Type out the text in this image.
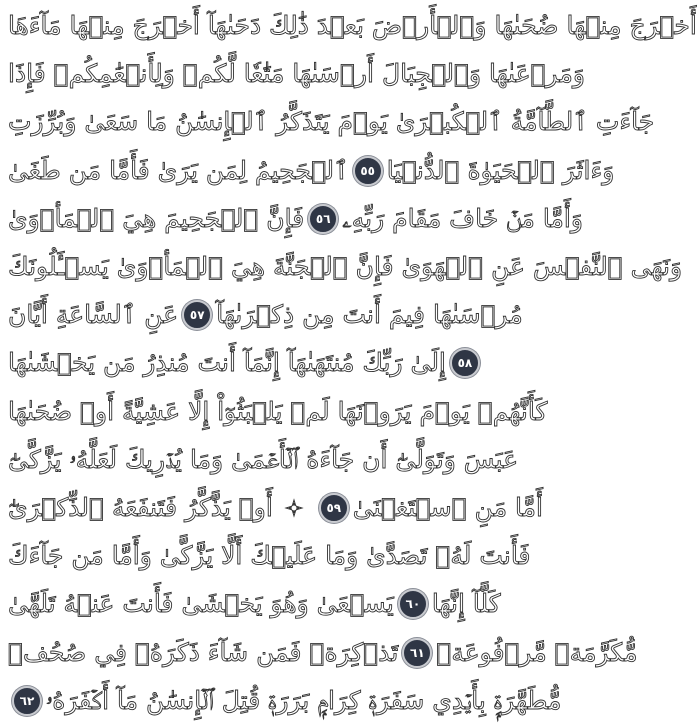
أَخۡرَجَ مِنۡهَا ضُحَىٰهَا وَٱلۡأَرۡضَ بَعۡدَ ذَٰلِكَ دَحَىٰهَآ أَخۡرَجَ مِنۡهَا مَآءَهَا
وَمَرۡعَىٰهَا وَٱلۡجِبَالَ أَرۡسَىٰهَا مَتَٰعٗا لَّكُمۡ وَلِأَنۡعَٰمِكُمۡ فَإِذَا
جَآءَتِ ٱلطَّآمَّةُ ٱلۡكُبۡرَىٰ يَوۡمَ يَتَذَكَّرُ ٱلۡإِنسَٰنُ مَا سَعَىٰ وَبُرِّزَتِ
ٱلۡجَحِيمُ لِمَن يَرَىٰ فَأَمَّا مَن طَغَىٰ ٥٥ وَءَاثَرَ ٱلۡحَيَوٰةَ ٱلدُّنۡيَا
فَإِنَّ ٱلۡجَحِيمَ هِيَ ٱلۡمَأۡوَىٰ ٥٦ وَأَمَّا مَنۡ خَافَ مَقَامَ رَبِّهِۦ
وَنَهَى ٱلنَّفۡسَ عَنِ ٱلۡهَوَىٰ فَإِنَّ ٱلۡجَنَّةَ هِيَ ٱلۡمَأۡوَىٰ يَسۡـَٔلُونَكَ
عَنِ ٱلسَّاعَةِ أَيَّانَ ٥٧ مُرۡسَىٰهَا فِيمَ أَنتَ مِن ذِكۡرَىٰهَآ
إِلَىٰ رَبِّكَ مُنتَهَىٰهَآ إِنَّمَآ أَنتَ مُنذِرُ مَن يَخۡشَىٰهَا ٥٨
كَأَنَّهُمۡ يَوۡمَ يَرَوۡنَهَا لَمۡ يَلۡبَثُوٓاْ إِلَّا عَشِيَّةً أَوۡ ضُحَىٰهَا
عَبَسَ وَتَوَلَّىٰٓ أَن جَآءَهُ ٱلۡأَعۡمَىٰ وَمَا يُدۡرِيكَ لَعَلَّهُۥ يَزَّكَّىٰٓ
أَوۡ يَذَّكَّرُ فَتَنفَعَهُ ٱلذِّكۡرَىٰٓ	٥٩ أَمَّا مَنِ ٱسۡتَغۡنَىٰ
فَأَنتَ لَهُۥ تَصَدَّىٰ وَمَا عَلَيۡكَ أَلَّا يَزَّكَّىٰ وَأَمَّا مَن جَآءَكَ
يَسۡعَىٰ وَهُوَ يَخۡشَىٰ فَأَنتَ عَنۡهُ تَلَهَّىٰ ٦٠ كَلَّآ إِنَّهَا
تَذۡكِرَةٞ فَمَن شَآءَ ذَكَرَهُۥ فِي صُحُفٖ ٦١ مُّكَرَّمَةٖ مَّرۡفُوعَةٖ
٦٢ مُّطَهَّرَةِۭ بِأَيۡدِي سَفَرَةٖ كِرَامِۭ بَرَرَةٖ قُتِلَ ٱلۡإِنسَٰنُ مَآ أَكۡفَرَهُۥ
